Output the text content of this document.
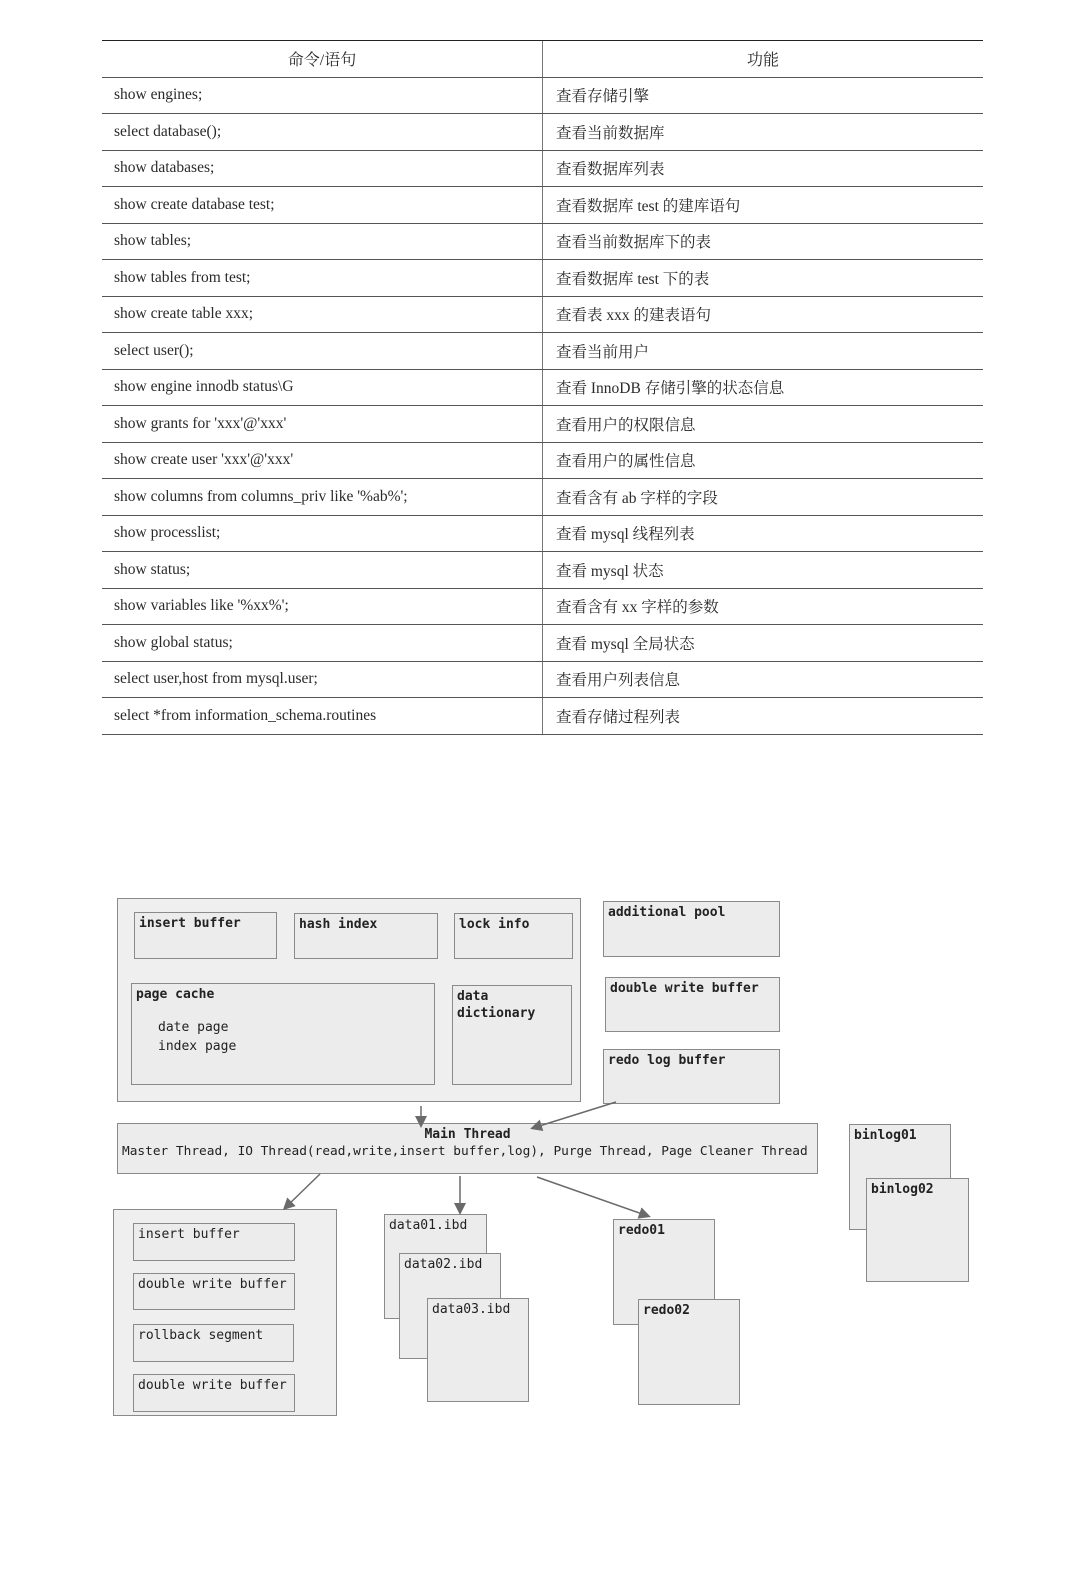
命令/语句	功能
show engines;	查看存储引擎
select database();	查看当前数据库
show databases;	查看数据库列表
show create database test;	查看数据库 test 的建库语句
show tables;	查看当前数据库下的表
show tables from test;	查看数据库 test 下的表
show create table xxx;	查看表 xxx 的建表语句
select user();	查看当前用户
show engine innodb status\G	查看 InnoDB 存储引擎的状态信息
show grants for 'xxx'@'xxx'	查看用户的权限信息
show create user 'xxx'@'xxx'	查看用户的属性信息
show columns from columns_priv like '%ab%';	查看含有 ab 字样的字段
show processlist;	查看 mysql 线程列表
show status;	查看 mysql 状态
show variables like '%xx%';	查看含有 xx 字样的参数
show global status;	查看 mysql 全局状态
select user,host from mysql.user;	查看用户列表信息
select *from information_schema.routines	查看存储过程列表
insert buffer	hash index	lock info
page cache
date page
index page
data
dictionary
additional pool
double write buffer
redo log buffer
Main Thread
Master Thread, IO Thread(read,write,insert buffer,log), Purge Thread, Page Cleaner Thread
insert buffer
double write buffer
rollback segment
double write buffer
data01.ibd
data02.ibd
data03.ibd
redo01
redo02
binlog01
binlog02
